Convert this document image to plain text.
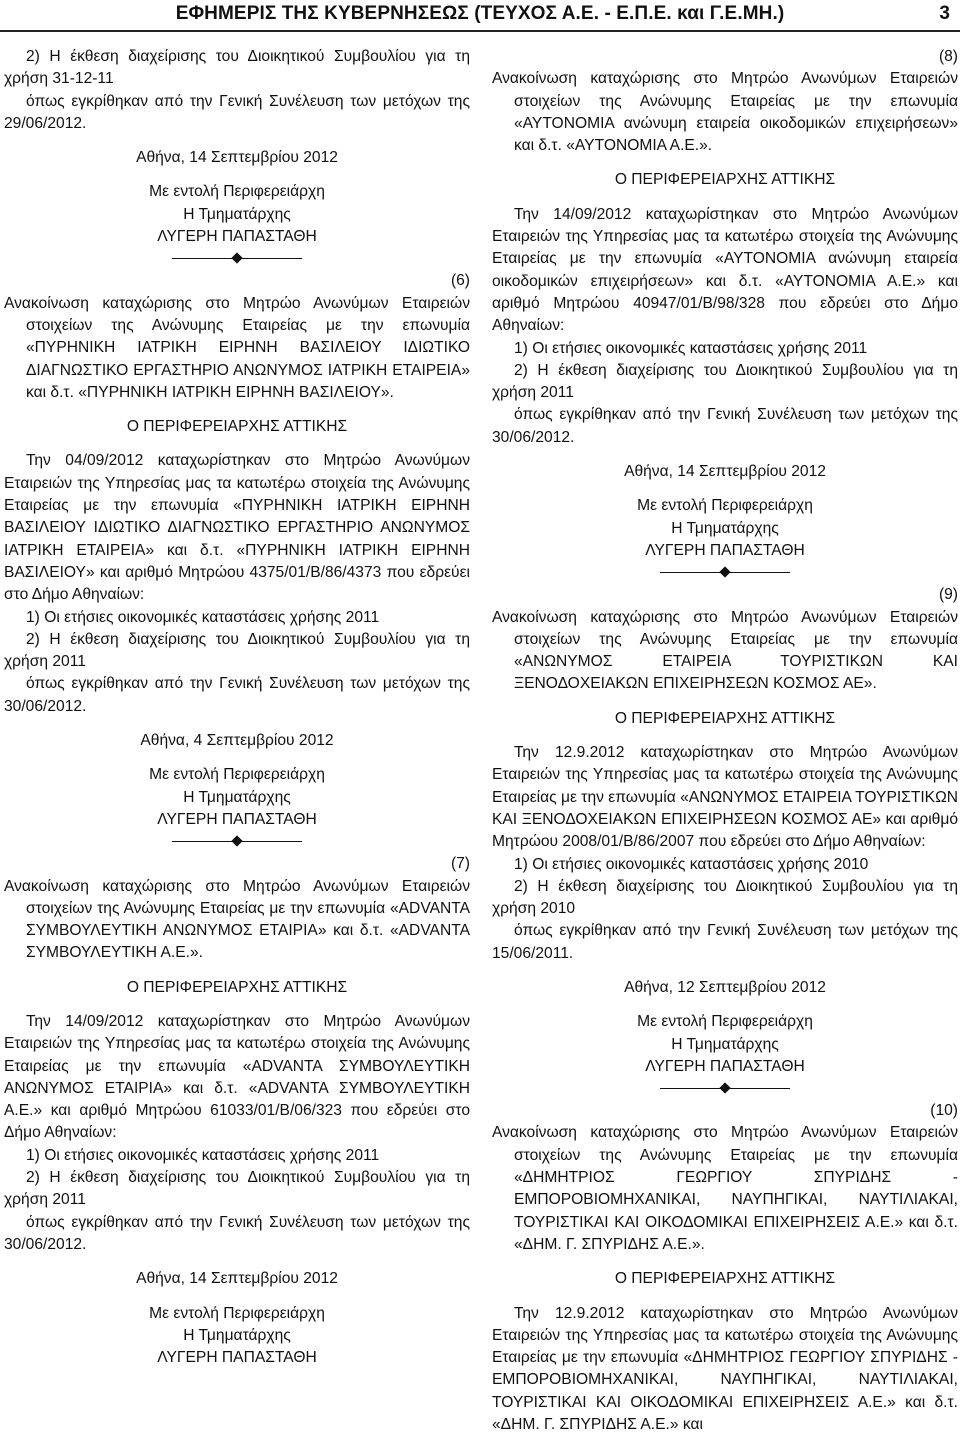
ΕΦΗΜΕΡΙΣ ΤΗΣ ΚΥΒΕΡΝΗΣΕΩΣ (ΤΕΥΧΟΣ Α.Ε. - Ε.Π.Ε. και Γ.Ε.ΜΗ.)	3

2) Η έκθεση διαχείρισης του Διοικητικού Συμβουλίου για τη χρήση 31-12-11

όπως εγκρίθηκαν από την Γενική Συνέλευση των μετόχων της 29/06/2012.

Αθήνα, 14 Σεπτεμβρίου 2012

Με εντολή Περιφερειάρχη

Η Τμηματάρχης

ΛΥΓΕΡΗ ΠΑΠΑΣΤΑΘΗ

(6)

Ανακοίνωση καταχώρισης στο Μητρώο Ανωνύμων Εταιρειών στοιχείων της Ανώνυμης Εταιρείας με την επωνυμία «ΠΥΡΗΝΙΚΗ ΙΑΤΡΙΚΗ ΕΙΡΗΝΗ ΒΑΣΙΛΕΙΟΥ ΙΔΙΩΤΙΚΟ ΔΙΑΓΝΩΣΤΙΚΟ ΕΡΓΑΣΤΗΡΙΟ ΑΝΩΝΥΜΟΣ ΙΑΤΡΙΚΗ ΕΤΑΙΡΕΙΑ» και δ.τ. «ΠΥΡΗΝΙΚΗ ΙΑΤΡΙΚΗ ΕΙΡΗΝΗ ΒΑΣΙΛΕΙΟΥ».

Ο ΠΕΡΙΦΕΡΕΙΑΡΧΗΣ ΑΤΤΙΚΗΣ

Την 04/09/2012 καταχωρίστηκαν στο Μητρώο Ανωνύμων Εταιρειών της Υπηρεσίας μας τα κατωτέρω στοιχεία της Ανώνυμης Εταιρείας με την επωνυμία «ΠΥΡΗΝΙΚΗ ΙΑΤΡΙΚΗ ΕΙΡΗΝΗ ΒΑΣΙΛΕΙΟΥ ΙΔΙΩΤΙΚΟ ΔΙΑΓΝΩΣΤΙΚΟ ΕΡΓΑΣΤΗΡΙΟ ΑΝΩΝΥΜΟΣ ΙΑΤΡΙΚΗ ΕΤΑΙΡΕΙΑ» και δ.τ. «ΠΥΡΗΝΙΚΗ ΙΑΤΡΙΚΗ ΕΙΡΗΝΗ ΒΑΣΙΛΕΙΟΥ» και αριθμό Μητρώου 4375/01/Β/86/4373 που εδρεύει στο Δήμο Αθηναίων:

1) Οι ετήσιες οικονομικές καταστάσεις χρήσης 2011

2) Η έκθεση διαχείρισης του Διοικητικού Συμβουλίου για τη χρήση 2011

όπως εγκρίθηκαν από την Γενική Συνέλευση των μετόχων της 30/06/2012.

Αθήνα, 4 Σεπτεμβρίου 2012

Με εντολή Περιφερειάρχη

Η Τμηματάρχης

ΛΥΓΕΡΗ ΠΑΠΑΣΤΑΘΗ

(7)

Ανακοίνωση καταχώρισης στο Μητρώο Ανωνύμων Εταιρειών στοιχείων της Ανώνυμης Εταιρείας με την επωνυμία «ADVANTA ΣΥΜΒΟΥΛΕΥΤΙΚΗ ΑΝΩΝΥΜΟΣ ΕΤΑΙΡΙΑ» και δ.τ. «ADVANTA ΣΥΜΒΟΥΛΕΥΤΙΚΗ Α.Ε.».

Ο ΠΕΡΙΦΕΡΕΙΑΡΧΗΣ ΑΤΤΙΚΗΣ

Την 14/09/2012 καταχωρίστηκαν στο Μητρώο Ανωνύμων Εταιρειών της Υπηρεσίας μας τα κατωτέρω στοιχεία της Ανώνυμης Εταιρείας με την επωνυμία «ADVANTA ΣΥΜΒΟΥΛΕΥΤΙΚΗ ΑΝΩΝΥΜΟΣ ΕΤΑΙΡΙΑ» και δ.τ. «ADVANTA ΣΥΜΒΟΥΛΕΥΤΙΚΗ Α.Ε.» και αριθμό Μητρώου 61033/01/Β/06/323 που εδρεύει στο Δήμο Αθηναίων:

1) Οι ετήσιες οικονομικές καταστάσεις χρήσης 2011

2) Η έκθεση διαχείρισης του Διοικητικού Συμβουλίου για τη χρήση 2011

όπως εγκρίθηκαν από την Γενική Συνέλευση των μετόχων της 30/06/2012.

Αθήνα, 14 Σεπτεμβρίου 2012

Με εντολή Περιφερειάρχη

Η Τμηματάρχης

ΛΥΓΕΡΗ ΠΑΠΑΣΤΑΘΗ

(8)

Ανακοίνωση καταχώρισης στο Μητρώο Ανωνύμων Εταιρειών στοιχείων της Ανώνυμης Εταιρείας με την επωνυμία «ΑΥΤΟΝΟΜΙΑ ανώνυμη εταιρεία οικοδομικών επιχειρήσεων» και δ.τ. «ΑΥΤΟΝΟΜΙΑ Α.Ε.».

Ο ΠΕΡΙΦΕΡΕΙΑΡΧΗΣ ΑΤΤΙΚΗΣ

Την 14/09/2012 καταχωρίστηκαν στο Μητρώο Ανωνύμων Εταιρειών της Υπηρεσίας μας τα κατωτέρω στοιχεία της Ανώνυμης Εταιρείας με την επωνυμία «ΑΥΤΟΝΟΜΙΑ ανώνυμη εταιρεία οικοδομικών επιχειρήσεων» και δ.τ. «ΑΥΤΟΝΟΜΙΑ Α.Ε.» και αριθμό Μητρώου 40947/01/Β/98/328 που εδρεύει στο Δήμο Αθηναίων:

1) Οι ετήσιες οικονομικές καταστάσεις χρήσης 2011

2) Η έκθεση διαχείρισης του Διοικητικού Συμβουλίου για τη χρήση 2011

όπως εγκρίθηκαν από την Γενική Συνέλευση των μετόχων της 30/06/2012.

Αθήνα, 14 Σεπτεμβρίου 2012

Με εντολή Περιφερειάρχη

Η Τμηματάρχης

ΛΥΓΕΡΗ ΠΑΠΑΣΤΑΘΗ

(9)

Ανακοίνωση καταχώρισης στο Μητρώο Ανωνύμων Εταιρειών στοιχείων της Ανώνυμης Εταιρείας με την επωνυμία «ΑΝΩΝΥΜΟΣ ΕΤΑΙΡΕΙΑ ΤΟΥΡΙΣΤΙΚΩΝ ΚΑΙ ΞΕΝΟΔΟΧΕΙΑΚΩΝ ΕΠΙΧΕΙΡΗΣΕΩΝ ΚΟΣΜΟΣ ΑΕ».

Ο ΠΕΡΙΦΕΡΕΙΑΡΧΗΣ ΑΤΤΙΚΗΣ

Την 12.9.2012 καταχωρίστηκαν στο Μητρώο Ανωνύμων Εταιρειών της Υπηρεσίας μας τα κατωτέρω στοιχεία της Ανώνυμης Εταιρείας με την επωνυμία «ΑΝΩΝΥΜΟΣ ΕΤΑΙΡΕΙΑ ΤΟΥΡΙΣΤΙΚΩΝ ΚΑΙ ΞΕΝΟΔΟΧΕΙΑΚΩΝ ΕΠΙΧΕΙΡΗΣΕΩΝ ΚΟΣΜΟΣ ΑΕ» και αριθμό Μητρώου 2008/01/Β/86/2007 που εδρεύει στο Δήμο Αθηναίων:

1) Οι ετήσιες οικονομικές καταστάσεις χρήσης 2010

2) Η έκθεση διαχείρισης του Διοικητικού Συμβουλίου για τη χρήση 2010

όπως εγκρίθηκαν από την Γενική Συνέλευση των μετόχων της 15/06/2011.

Αθήνα, 12 Σεπτεμβρίου 2012

Με εντολή Περιφερειάρχη

Η Τμηματάρχης

ΛΥΓΕΡΗ ΠΑΠΑΣΤΑΘΗ

(10)

Ανακοίνωση καταχώρισης στο Μητρώο Ανωνύμων Εταιρειών στοιχείων της Ανώνυμης Εταιρείας με την επωνυμία «ΔΗΜΗΤΡΙΟΣ ΓΕΩΡΓΙΟΥ ΣΠΥΡΙΔΗΣ - ΕΜΠΟΡΟΒΙΟΜΗΧΑΝΙΚΑΙ, ΝΑΥΠΗΓΙΚΑΙ, ΝΑΥΤΙΛΙΑΚΑΙ, ΤΟΥΡΙΣΤΙΚΑΙ ΚΑΙ ΟΙΚΟΔΟΜΙΚΑΙ ΕΠΙΧΕΙΡΗΣΕΙΣ Α.Ε.» και δ.τ. «ΔΗΜ. Γ. ΣΠΥΡΙΔΗΣ Α.Ε.».

Ο ΠΕΡΙΦΕΡΕΙΑΡΧΗΣ ΑΤΤΙΚΗΣ

Την 12.9.2012 καταχωρίστηκαν στο Μητρώο Ανωνύμων Εταιρειών της Υπηρεσίας μας τα κατωτέρω στοιχεία της Ανώνυμης Εταιρείας με την επωνυμία «ΔΗΜΗΤΡΙΟΣ ΓΕΩΡΓΙΟΥ ΣΠΥΡΙΔΗΣ - ΕΜΠΟΡΟΒΙΟΜΗΧΑΝΙΚΑΙ, ΝΑΥΠΗΓΙΚΑΙ, ΝΑΥΤΙΛΙΑΚΑΙ, ΤΟΥΡΙΣΤΙΚΑΙ ΚΑΙ ΟΙΚΟΔΟΜΙΚΑΙ ΕΠΙΧΕΙΡΗΣΕΙΣ Α.Ε.» και δ.τ. «ΔΗΜ. Γ. ΣΠΥΡΙΔΗΣ Α.Ε.» και
